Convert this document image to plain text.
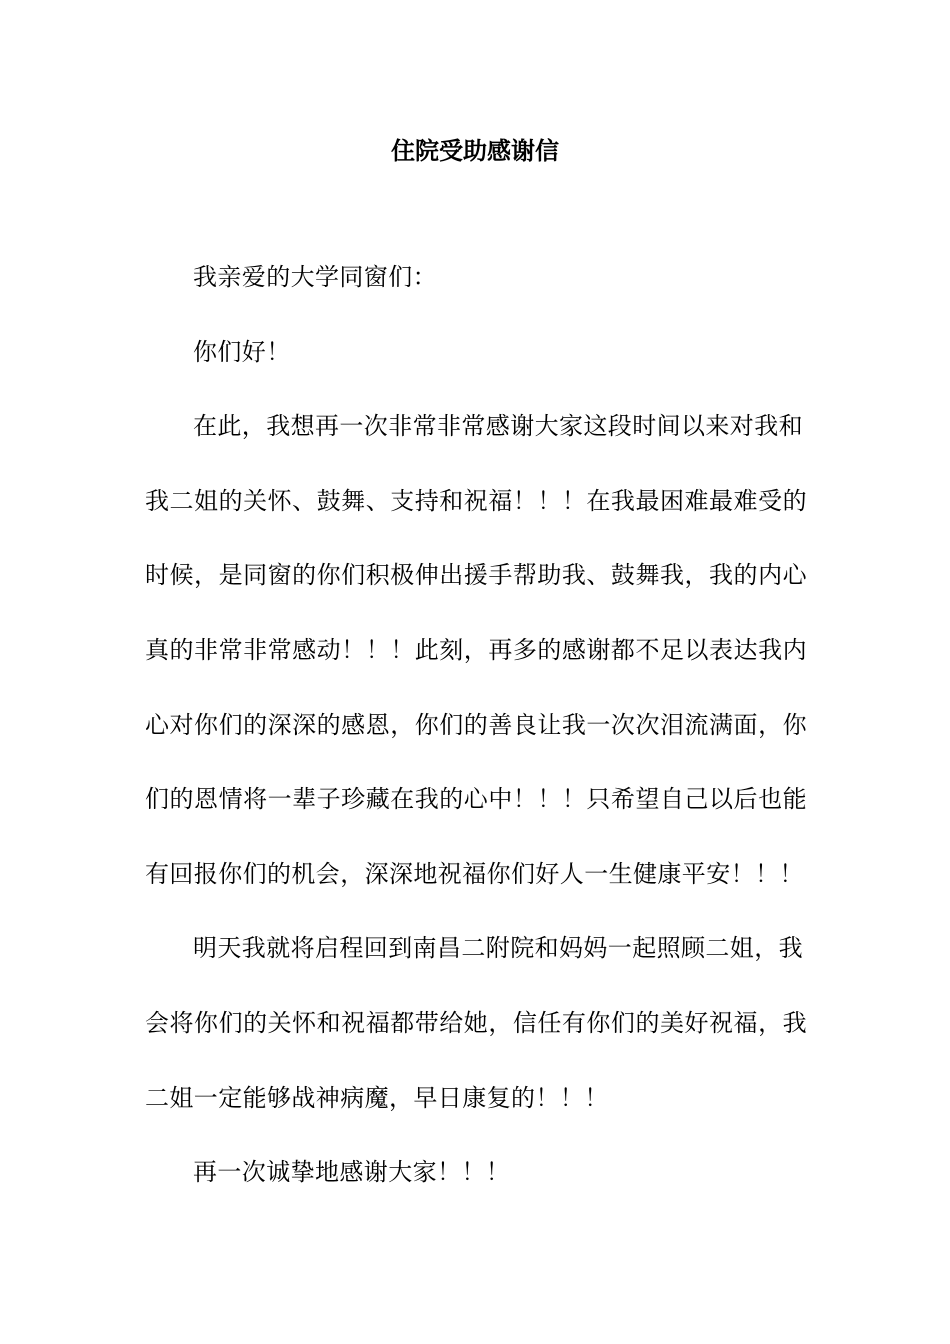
住院受助感谢信
我亲爱的大学同窗们：
你们好！
在此，我想再一次非常非常感谢大家这段时间以来对我和
我二姐的关怀、鼓舞、支持和祝福！！！在我最困难最难受的
时候，是同窗的你们积极伸出援手帮助我、鼓舞我，我的内心
真的非常非常感动！！！此刻，再多的感谢都不足以表达我内
心对你们的深深的感恩，你们的善良让我一次次泪流满面，你
们的恩情将一辈子珍藏在我的心中！！！只希望自己以后也能
有回报你们的机会，深深地祝福你们好人一生健康平安！！！
明天我就将启程回到南昌二附院和妈妈一起照顾二姐，我
会将你们的关怀和祝福都带给她，信任有你们的美好祝福，我
二姐一定能够战神病魔，早日康复的！！！
再一次诚挚地感谢大家！！！
